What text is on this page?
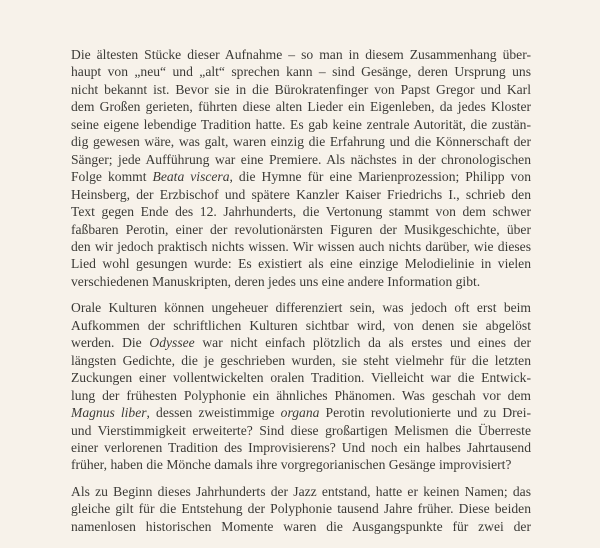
Die ältesten Stücke dieser Aufnahme – so man in diesem Zusammenhang über-
haupt von „neu“ und „alt“ sprechen kann – sind Gesänge, deren Ursprung uns
nicht bekannt ist. Bevor sie in die Bürokratenfinger von Papst Gregor und Karl
dem Großen gerieten, führten diese alten Lieder ein Eigenleben, da jedes Kloster
seine eigene lebendige Tradition hatte. Es gab keine zentrale Autorität, die zustän-
dig gewesen wäre, was galt, waren einzig die Erfahrung und die Könnerschaft der
Sänger; jede Aufführung war eine Premiere. Als nächstes in der chronologischen
Folge kommt Beata viscera, die Hymne für eine Marienprozession; Philipp von
Heinsberg, der Erzbischof und spätere Kanzler Kaiser Friedrichs I., schrieb den
Text gegen Ende des 12. Jahrhunderts, die Vertonung stammt von dem schwer
faßbaren Perotin, einer der revolutionärsten Figuren der Musikgeschichte, über
den wir jedoch praktisch nichts wissen. Wir wissen auch nichts darüber, wie dieses
Lied wohl gesungen wurde: Es existiert als eine einzige Melodielinie in vielen
verschiedenen Manuskripten, deren jedes uns eine andere Information gibt.
Orale Kulturen können ungeheuer differenziert sein, was jedoch oft erst beim
Aufkommen der schriftlichen Kulturen sichtbar wird, von denen sie abgelöst
werden. Die Odyssee war nicht einfach plötzlich da als erstes und eines der
längsten Gedichte, die je geschrieben wurden, sie steht vielmehr für die letzten
Zuckungen einer vollentwickelten oralen Tradition. Vielleicht war die Entwick-
lung der frühesten Polyphonie ein ähnliches Phänomen. Was geschah vor dem
Magnus liber, dessen zweistimmige organa Perotin revolutionierte und zu Drei-
und Vierstimmigkeit erweiterte? Sind diese großartigen Melismen die Überreste
einer verlorenen Tradition des Improvisierens? Und noch ein halbes Jahrtausend
früher, haben die Mönche damals ihre vorgregorianischen Gesänge improvisiert?
Als zu Beginn dieses Jahrhunderts der Jazz entstand, hatte er keinen Namen; das
gleiche gilt für die Entstehung der Polyphonie tausend Jahre früher. Diese beiden
namenlosen historischen Momente waren die Ausgangspunkte für zwei der
